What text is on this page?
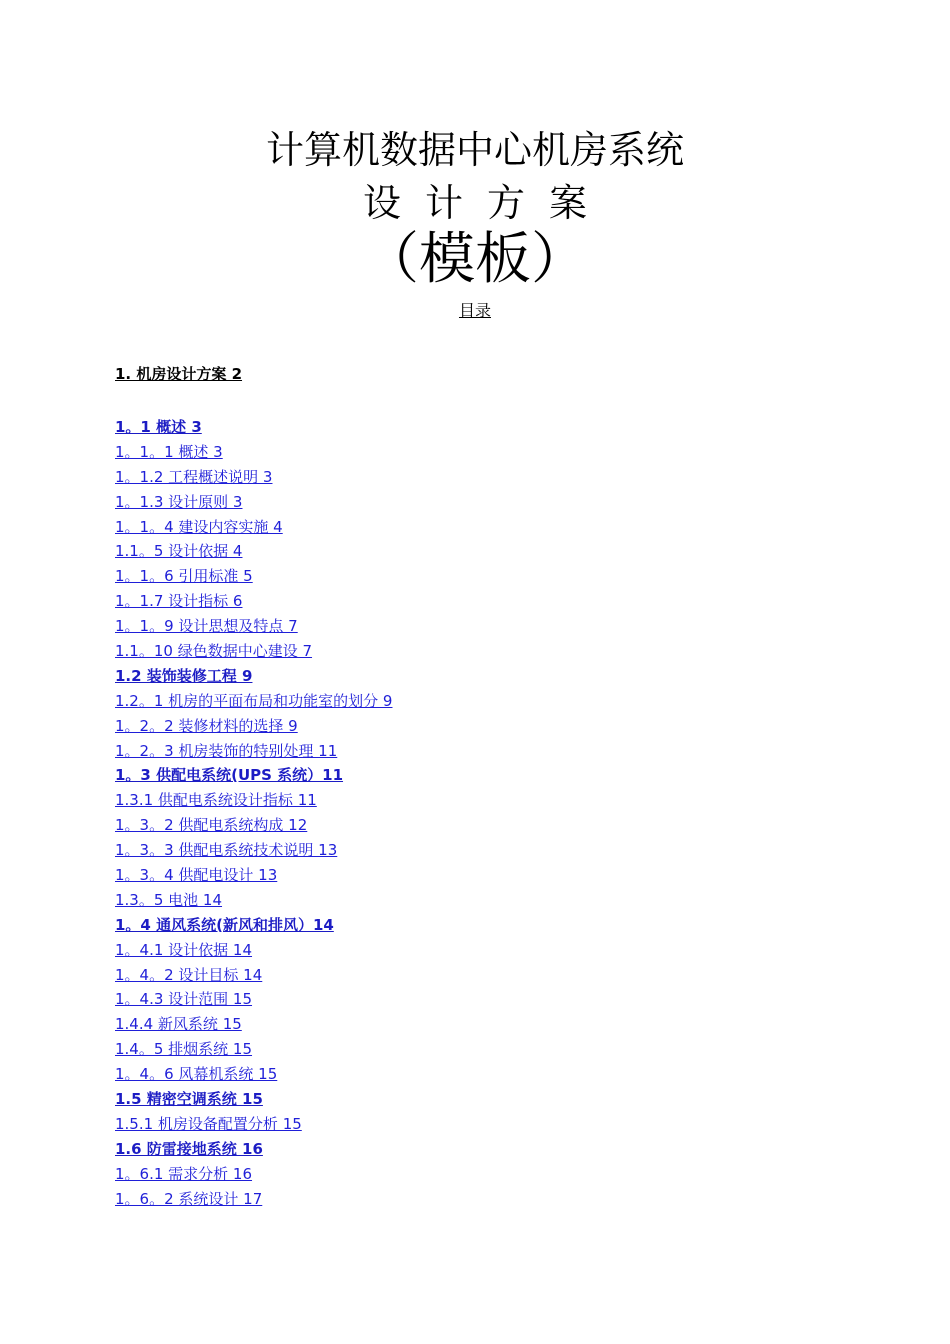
计算机数据中心机房系统
设计方案
（模板）
目录
1. 机房设计方案 2
1。1 概述 3
1。1。1 概述 3
1。1.2 工程概述说明 3
1。1.3 设计原则 3
1。1。4 建设内容实施 4
1.1。5 设计依据 4
1。1。6 引用标准 5
1。1.7 设计指标 6
1。1。9 设计思想及特点 7
1.1。10 绿色数据中心建设 7
1.2 装饰装修工程 9
1.2。1 机房的平面布局和功能室的划分 9
1。2。2 装修材料的选择 9
1。2。3 机房装饰的特别处理 11
1。3 供配电系统(UPS 系统）11
1.3.1 供配电系统设计指标 11
1。3。2 供配电系统构成 12
1。3。3 供配电系统技术说明 13
1。3。4 供配电设计 13
1.3。5 电池 14
1。4 通风系统(新风和排风）14
1。4.1 设计依据 14
1。4。2 设计目标 14
1。4.3 设计范围 15
1.4.4 新风系统 15
1.4。5 排烟系统 15
1。4。6 风幕机系统 15
1.5 精密空调系统 15
1.5.1 机房设备配置分析 15
1.6 防雷接地系统 16
1。6.1 需求分析 16
1。6。2 系统设计 17
